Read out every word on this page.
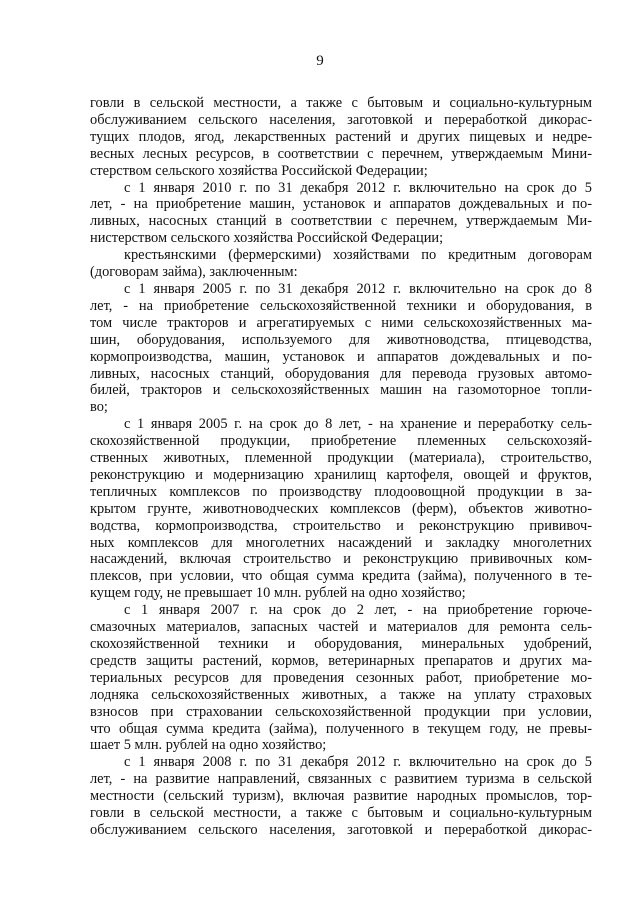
9
говли в сельской местности, а также с бытовым и социально-культурным
обслуживанием сельского населения, заготовкой и переработкой дикорас-
тущих плодов, ягод, лекарственных растений и других пищевых и недре-
весных лесных ресурсов, в соответствии с перечнем, утверждаемым Мини-
стерством сельского хозяйства Российской Федерации;
с 1 января 2010 г. по 31 декабря 2012 г. включительно на срок до 5
лет, - на приобретение машин, установок и аппаратов дождевальных и по-
ливных, насосных станций в соответствии с перечнем, утверждаемым Ми-
нистерством сельского хозяйства Российской Федерации;
крестьянскими (фермерскими) хозяйствами по кредитным договорам
(договорам займа), заключенным:
с 1 января 2005 г. по 31 декабря 2012 г. включительно на срок до 8
лет, - на приобретение сельскохозяйственной техники и оборудования, в
том числе тракторов и агрегатируемых с ними сельскохозяйственных ма-
шин, оборудования, используемого для животноводства, птицеводства,
кормопроизводства, машин, установок и аппаратов дождевальных и по-
ливных, насосных станций, оборудования для перевода грузовых автомо-
билей, тракторов и сельскохозяйственных машин на газомоторное топли-
во;
с 1 января 2005 г. на срок до 8 лет, - на хранение и переработку сель-
скохозяйственной продукции, приобретение племенных сельскохозяй-
ственных животных, племенной продукции (материала), строительство,
реконструкцию и модернизацию хранилищ картофеля, овощей и фруктов,
тепличных комплексов по производству плодоовощной продукции в за-
крытом грунте, животноводческих комплексов (ферм), объектов животно-
водства, кормопроизводства, строительство и реконструкцию прививоч-
ных комплексов для многолетних насаждений и закладку многолетних
насаждений, включая строительство и реконструкцию прививочных ком-
плексов, при условии, что общая сумма кредита (займа), полученного в те-
кущем году, не превышает 10 млн. рублей на одно хозяйство;
с 1 января 2007 г. на срок до 2 лет, - на приобретение горюче-
смазочных материалов, запасных частей и материалов для ремонта сель-
скохозяйственной техники и оборудования, минеральных удобрений,
средств защиты растений, кормов, ветеринарных препаратов и других ма-
териальных ресурсов для проведения сезонных работ, приобретение мо-
лодняка сельскохозяйственных животных, а также на уплату страховых
взносов при страховании сельскохозяйственной продукции при условии,
что общая сумма кредита (займа), полученного в текущем году, не превы-
шает 5 млн. рублей на одно хозяйство;
с 1 января 2008 г. по 31 декабря 2012 г. включительно на срок до 5
лет, - на развитие направлений, связанных с развитием туризма в сельской
местности (сельский туризм), включая развитие народных промыслов, тор-
говли в сельской местности, а также с бытовым и социально-культурным
обслуживанием сельского населения, заготовкой и переработкой дикорас-
